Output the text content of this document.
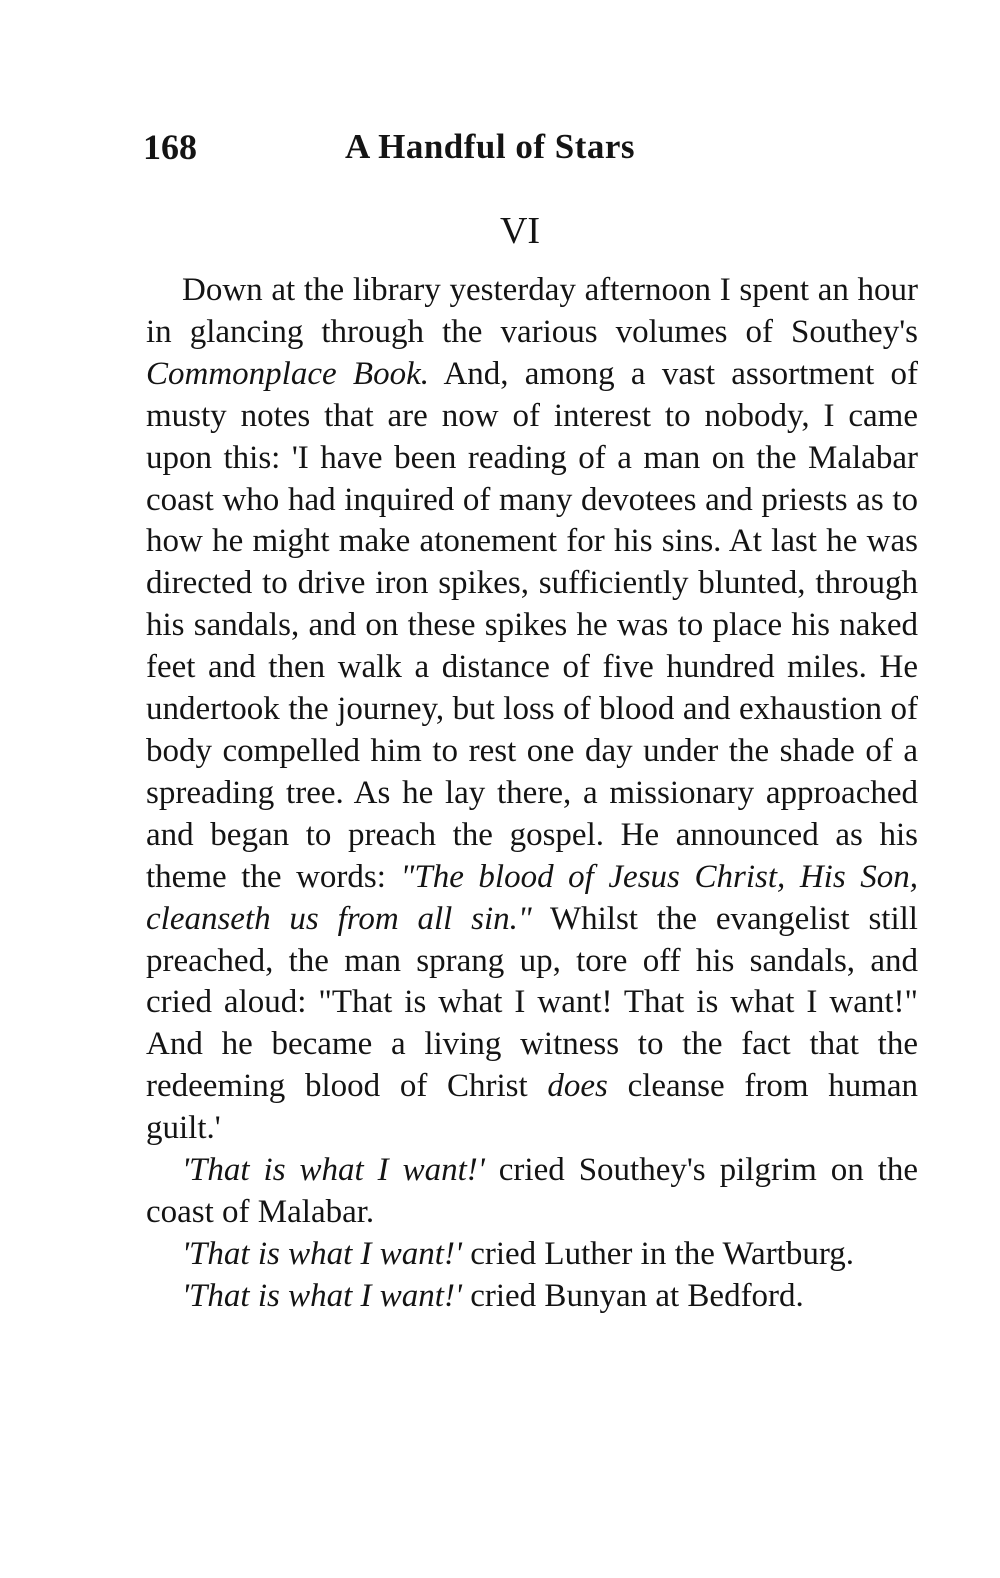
168	A Handful of Stars
VI

Down at the library yesterday afternoon I spent an hour in glancing through the various volumes of Southey's Commonplace Book. And, among a vast assortment of musty notes that are now of interest to nobody, I came upon this: 'I have been reading of a man on the Malabar coast who had inquired of many devotees and priests as to how he might make atonement for his sins. At last he was directed to drive iron spikes, sufficiently blunted, through his sandals, and on these spikes he was to place his naked feet and then walk a distance of five hundred miles. He undertook the journey, but loss of blood and exhaustion of body compelled him to rest one day under the shade of a spreading tree. As he lay there, a missionary approached and began to preach the gospel. He announced as his theme the words: "The blood of Jesus Christ, His Son, cleanseth us from all sin." Whilst the evangelist still preached, the man sprang up, tore off his sandals, and cried aloud: "That is what I want! That is what I want!" And he became a living witness to the fact that the redeeming blood of Christ does cleanse from human guilt.'

'That is what I want!' cried Southey's pilgrim on the coast of Malabar.

'That is what I want!' cried Luther in the Wartburg.

'That is what I want!' cried Bunyan at Bedford.
